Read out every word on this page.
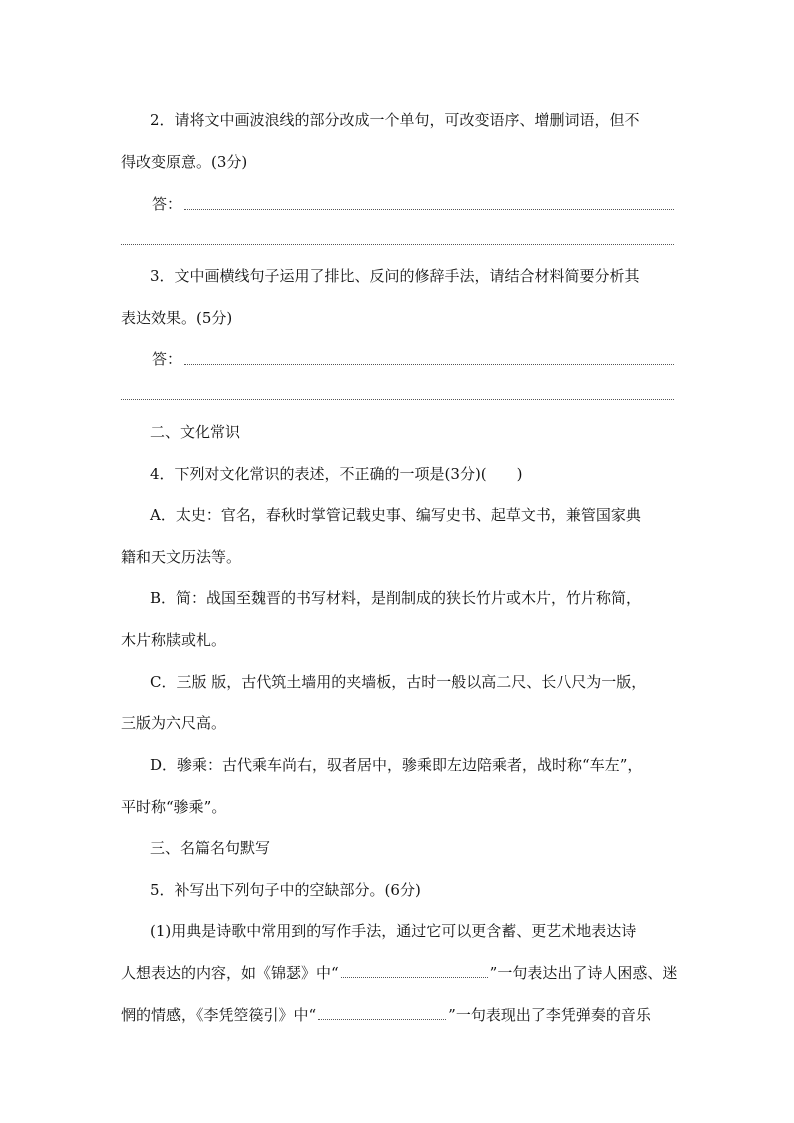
2．请将文中画波浪线的部分改成一个单句，可改变语序、增删词语，但不
得改变原意。(3分)
答：
3．文中画横线句子运用了排比、反问的修辞手法，请结合材料简要分析其
表达效果。(5分)
答：
二、文化常识
4．下列对文化常识的表述，不正确的一项是(3分)(　　)
A．太史：官名，春秋时掌管记载史事、编写史书、起草文书，兼管国家典
籍和天文历法等。
B．简：战国至魏晋的书写材料，是削制成的狭长竹片或木片，竹片称简，
木片称牍或札。
C．三版 版，古代筑土墙用的夹墙板，古时一般以高二尺、长八尺为一版，
三版为六尺高。
D．骖乘：古代乘车尚右，驭者居中，骖乘即左边陪乘者，战时称“车左”，
平时称“骖乘”。
三、名篇名句默写
5．补写出下列句子中的空缺部分。(6分)
(1)用典是诗歌中常用到的写作手法，通过它可以更含蓄、更艺术地表达诗
人想表达的内容，如《锦瑟》中“	”一句表达出了诗人困惑、迷
惘的情感，《李凭箜篌引》中“	”一句表现出了李凭弹奏的音乐
